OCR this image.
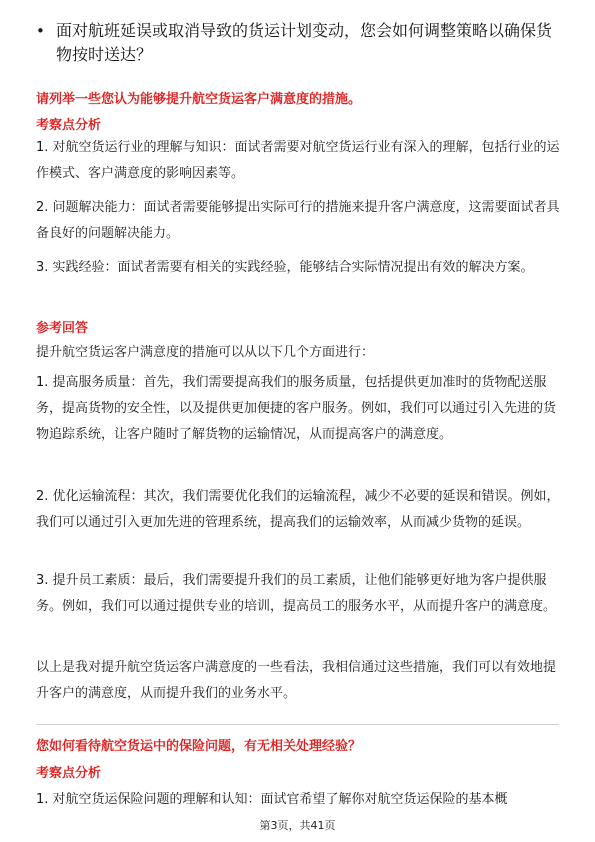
• 面对航班延误或取消导致的货运计划变动，您会如何调整策略以确保货物按时送达？
请列举一些您认为能够提升航空货运客户满意度的措施。
考察点分析
1. 对航空货运行业的理解与知识：面试者需要对航空货运行业有深入的理解，包括行业的运作模式、客户满意度的影响因素等。
2. 问题解决能力：面试者需要能够提出实际可行的措施来提升客户满意度，这需要面试者具备良好的问题解决能力。
3. 实践经验：面试者需要有相关的实践经验，能够结合实际情况提出有效的解决方案。
参考回答
提升航空货运客户满意度的措施可以从以下几个方面进行：
1. 提高服务质量：首先，我们需要提高我们的服务质量，包括提供更加准时的货物配送服务，提高货物的安全性，以及提供更加便捷的客户服务。例如，我们可以通过引入先进的货物追踪系统，让客户随时了解货物的运输情况，从而提高客户的满意度。
2. 优化运输流程：其次，我们需要优化我们的运输流程，减少不必要的延误和错误。例如，我们可以通过引入更加先进的管理系统，提高我们的运输效率，从而减少货物的延误。
3. 提升员工素质：最后，我们需要提升我们的员工素质，让他们能够更好地为客户提供服务。例如，我们可以通过提供专业的培训，提高员工的服务水平，从而提升客户的满意度。
以上是我对提升航空货运客户满意度的一些看法，我相信通过这些措施，我们可以有效地提升客户的满意度，从而提升我们的业务水平。
您如何看待航空货运中的保险问题，有无相关处理经验？
考察点分析
1. 对航空货运保险问题的理解和认知：面试官希望了解你对航空货运保险的基本概
第3页，共41页
